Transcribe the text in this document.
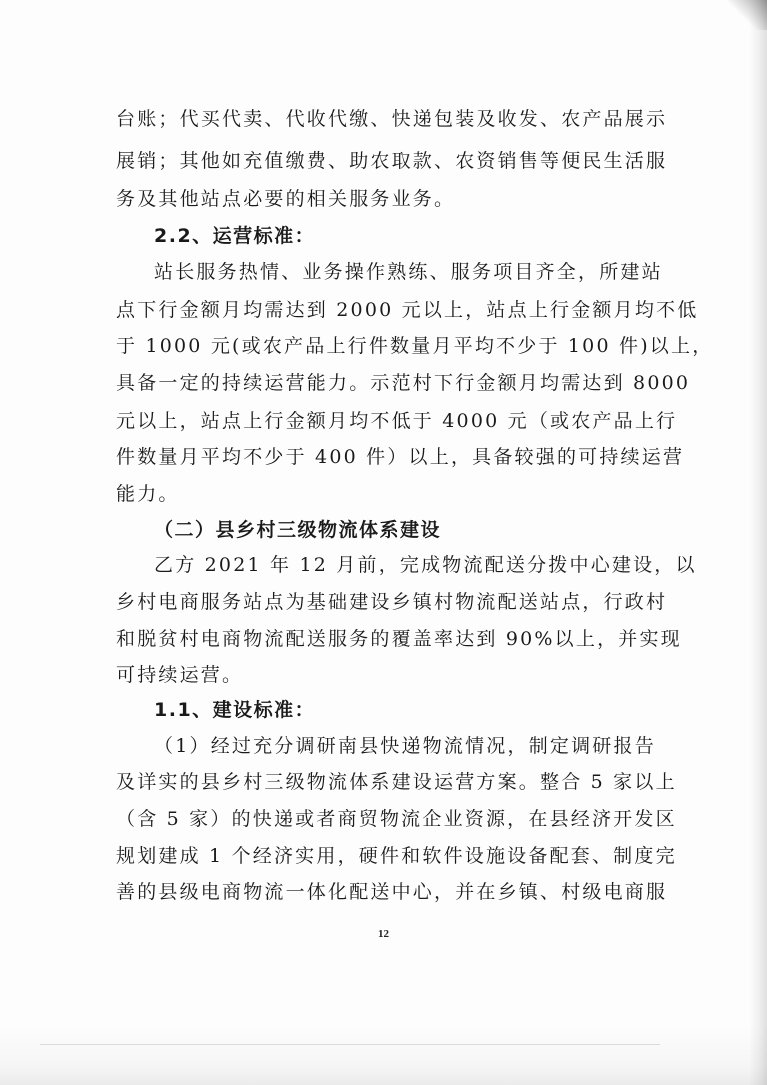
台账；代买代卖、代收代缴、快递包装及收发、农产品展示
展销；其他如充值缴费、助农取款、农资销售等便民生活服
务及其他站点必要的相关服务业务。
2.2、运营标准：
站长服务热情、业务操作熟练、服务项目齐全，所建站
点下行金额月均需达到 2000 元以上，站点上行金额月均不低
于 1000 元(或农产品上行件数量月平均不少于 100 件)以上，
具备一定的持续运营能力。示范村下行金额月均需达到 8000
元以上，站点上行金额月均不低于 4000 元（或农产品上行
件数量月平均不少于 400 件）以上，具备较强的可持续运营
能力。
（二）县乡村三级物流体系建设
乙方 2021 年 12 月前，完成物流配送分拨中心建设，以
乡村电商服务站点为基础建设乡镇村物流配送站点，行政村
和脱贫村电商物流配送服务的覆盖率达到 90%以上，并实现
可持续运营。
1.1、建设标准：
（1）经过充分调研南县快递物流情况，制定调研报告
及详实的县乡村三级物流体系建设运营方案。整合 5 家以上
（含 5 家）的快递或者商贸物流企业资源，在县经济开发区
规划建成 1 个经济实用，硬件和软件设施设备配套、制度完
善的县级电商物流一体化配送中心，并在乡镇、村级电商服
12
